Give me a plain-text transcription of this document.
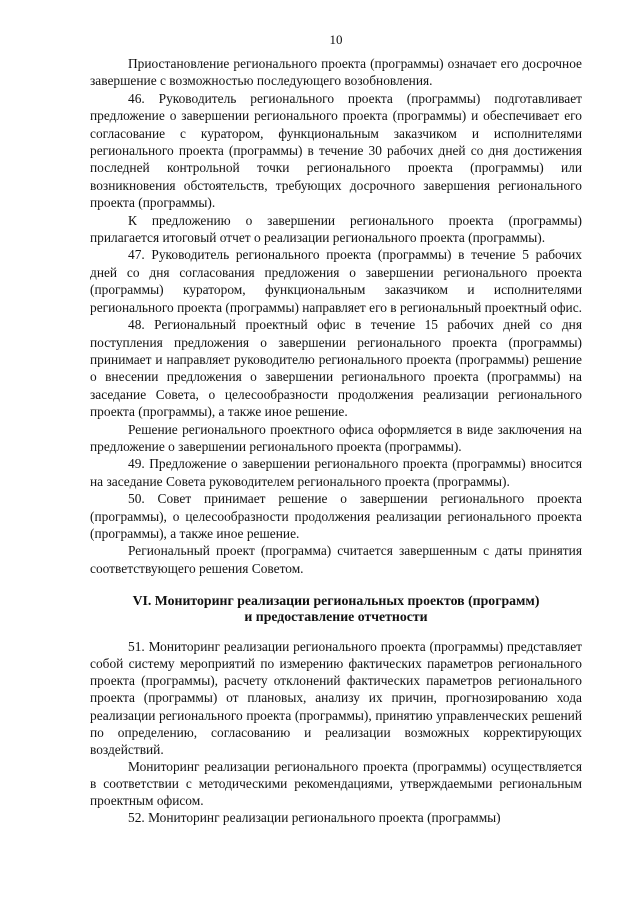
10

Приостановление регионального проекта (программы) означает его досрочное завершение с возможностью последующего возобновления.

46. Руководитель регионального проекта (программы) подготавливает предложение о завершении регионального проекта (программы) и обеспечивает его согласование с куратором, функциональным заказчиком и исполнителями регионального проекта (программы) в течение 30 рабочих дней со дня достижения последней контрольной точки регионального проекта (программы) или возникновения обстоятельств, требующих досрочного завершения регионального проекта (программы).

К предложению о завершении регионального проекта (программы) прилагается итоговый отчет о реализации регионального проекта (программы).

47. Руководитель регионального проекта (программы) в течение 5 рабочих дней со дня согласования предложения о завершении регионального проекта (программы) куратором, функциональным заказчиком и исполнителями регионального проекта (программы) направляет его в региональный проектный офис.

48. Региональный проектный офис в течение 15 рабочих дней со дня поступления предложения о завершении регионального проекта (программы) принимает и направляет руководителю регионального проекта (программы) решение о внесении предложения о завершении регионального проекта (программы) на заседание Совета, о целесообразности продолжения реализации регионального проекта (программы), а также иное решение.

Решение регионального проектного офиса оформляется в виде заключения на предложение о завершении регионального проекта (программы).

49. Предложение о завершении регионального проекта (программы) вносится на заседание Совета руководителем регионального проекта (программы).

50. Совет принимает решение о завершении регионального проекта (программы), о целесообразности продолжения реализации регионального проекта (программы), а также иное решение.

Региональный проект (программа) считается завершенным с даты принятия соответствующего решения Советом.

VI. Мониторинг реализации региональных проектов (программ)
и предоставление отчетности

51. Мониторинг реализации регионального проекта (программы) представляет собой систему мероприятий по измерению фактических параметров регионального проекта (программы), расчету отклонений фактических параметров регионального проекта (программы) от плановых, анализу их причин, прогнозированию хода реализации регионального проекта (программы), принятию управленческих решений по определению, согласованию и реализации возможных корректирующих воздействий.

Мониторинг реализации регионального проекта (программы) осуществляется в соответствии с методическими рекомендациями, утверждаемыми региональным проектным офисом.

52. Мониторинг реализации регионального проекта (программы)
